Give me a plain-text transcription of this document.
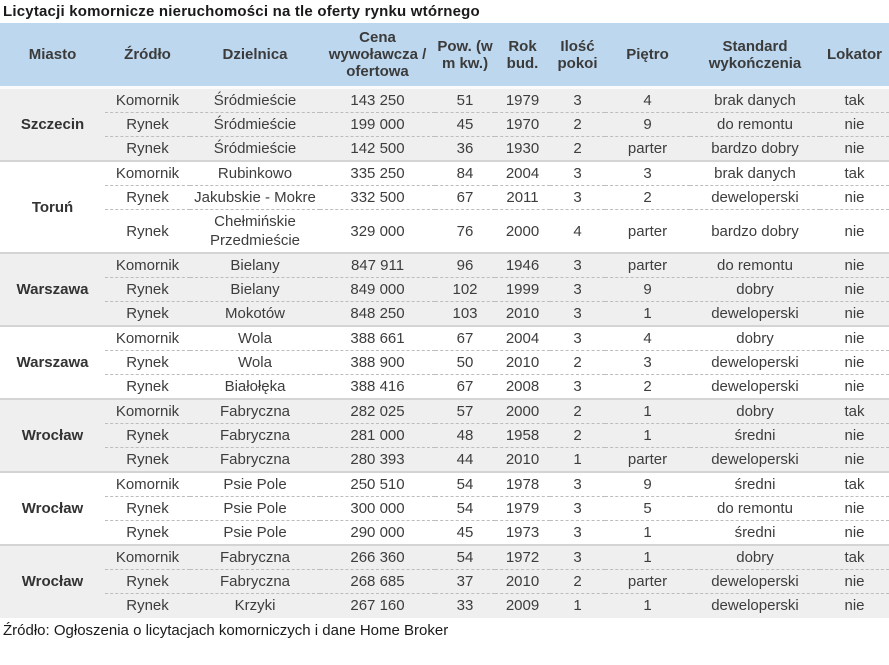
Licytacji komornicze nieruchomości na tle oferty rynku wtórnego
Miasto	Źródło	Dzielnica	Cena wywoławcza / ofertowa	Pow. (w m kw.)	Rok bud.	Ilość pokoi	Piętro	Standard wykończenia	Lokator
Szczecin	Komornik	Śródmieście	143 250	51	1979	3	4	brak danych	tak
	Rynek	Śródmieście	199 000	45	1970	2	9	do remontu	nie
	Rynek	Śródmieście	142 500	36	1930	2	parter	bardzo dobry	nie
Toruń	Komornik	Rubinkowo	335 250	84	2004	3	3	brak danych	tak
	Rynek	Jakubskie - Mokre	332 500	67	2011	3	2	deweloperski	nie
	Rynek	Chełmińskie Przedmieście	329 000	76	2000	4	parter	bardzo dobry	nie
Warszawa	Komornik	Bielany	847 911	96	1946	3	parter	do remontu	nie
	Rynek	Bielany	849 000	102	1999	3	9	dobry	nie
	Rynek	Mokotów	848 250	103	2010	3	1	deweloperski	nie
Warszawa	Komornik	Wola	388 661	67	2004	3	4	dobry	nie
	Rynek	Wola	388 900	50	2010	2	3	deweloperski	nie
	Rynek	Białołęka	388 416	67	2008	3	2	deweloperski	nie
Wrocław	Komornik	Fabryczna	282 025	57	2000	2	1	dobry	tak
	Rynek	Fabryczna	281 000	48	1958	2	1	średni	nie
	Rynek	Fabryczna	280 393	44	2010	1	parter	deweloperski	nie
Wrocław	Komornik	Psie Pole	250 510	54	1978	3	9	średni	tak
	Rynek	Psie Pole	300 000	54	1979	3	5	do remontu	nie
	Rynek	Psie Pole	290 000	45	1973	3	1	średni	nie
Wrocław	Komornik	Fabryczna	266 360	54	1972	3	1	dobry	tak
	Rynek	Fabryczna	268 685	37	2010	2	parter	deweloperski	nie
	Rynek	Krzyki	267 160	33	2009	1	1	deweloperski	nie
Źródło: Ogłoszenia o licytacjach komorniczych i dane Home Broker
